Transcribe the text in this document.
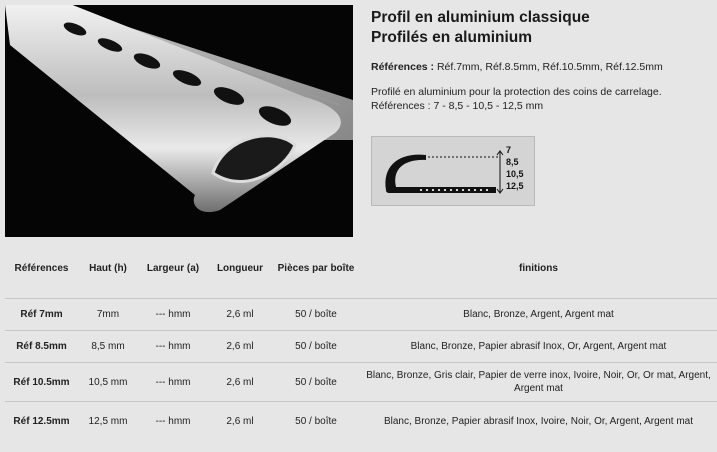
Profil en aluminium classique
Profilés en aluminium
Références : Réf.7mm, Réf.8.5mm, Réf.10.5mm, Réf.12.5mm
Profilé en aluminium pour la protection des coins de carrelage.
Références : 7 - 8,5 - 10,5 - 12,5 mm
7
8,5
10,5
12,5
Références	Haut (h)	Largeur (a)	Longueur	Pièces par boîte	finitions
Réf 7mm	7mm	--- hmm	2,6 ml	50 / boîte	Blanc, Bronze, Argent, Argent mat
Réf 8.5mm	8,5 mm	--- hmm	2,6 ml	50 / boîte	Blanc, Bronze, Papier abrasif Inox, Or, Argent, Argent mat
Réf 10.5mm	10,5 mm	--- hmm	2,6 ml	50 / boîte	Blanc, Bronze, Gris clair, Papier de verre inox, Ivoire, Noir, Or, Or mat, Argent, Argent mat
Réf 12.5mm	12,5 mm	--- hmm	2,6 ml	50 / boîte	Blanc, Bronze, Papier abrasif Inox, Ivoire, Noir, Or, Argent, Argent mat
